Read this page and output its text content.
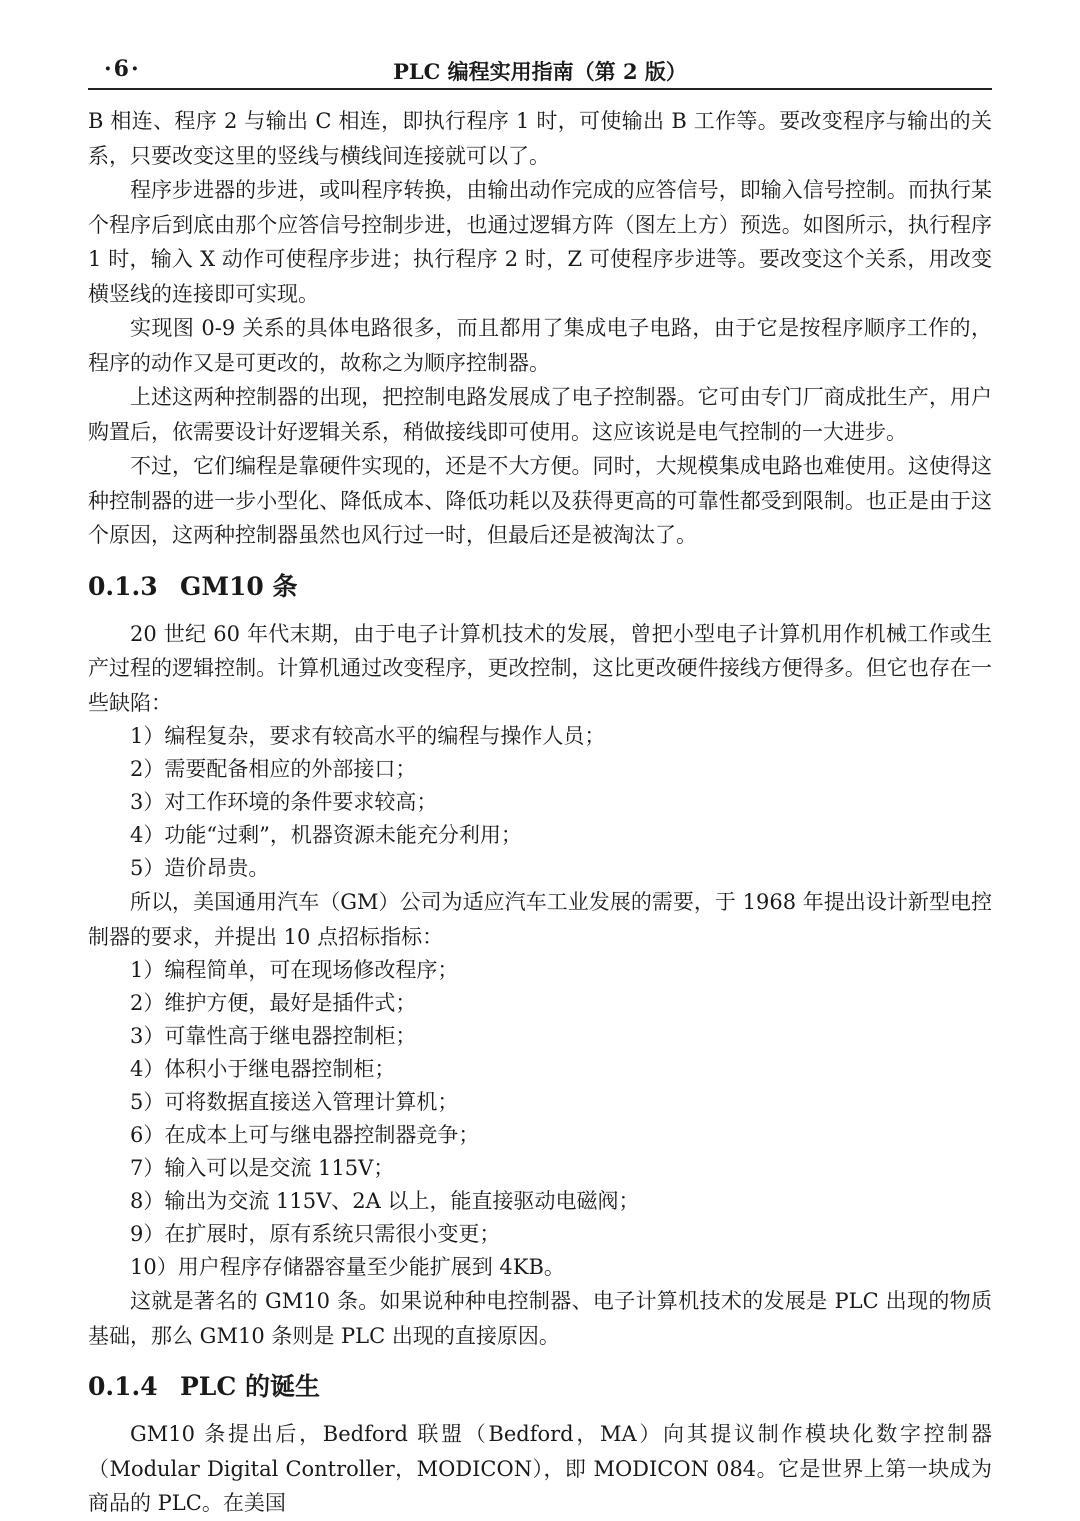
·6·	PLC 编程实用指南（第 2 版）

B 相连、程序 2 与输出 C 相连，即执行程序 1 时，可使输出 B 工作等。要改变程序与输出的关系，只要改变这里的竖线与横线间连接就可以了。

程序步进器的步进，或叫程序转换，由输出动作完成的应答信号，即输入信号控制。而执行某个程序后到底由那个应答信号控制步进，也通过逻辑方阵（图左上方）预选。如图所示，执行程序 1 时，输入 X 动作可使程序步进；执行程序 2 时，Z 可使程序步进等。要改变这个关系，用改变横竖线的连接即可实现。

实现图 0-9 关系的具体电路很多，而且都用了集成电子电路，由于它是按程序顺序工作的，程序的动作又是可更改的，故称之为顺序控制器。

上述这两种控制器的出现，把控制电路发展成了电子控制器。它可由专门厂商成批生产，用户购置后，依需要设计好逻辑关系，稍做接线即可使用。这应该说是电气控制的一大进步。

不过，它们编程是靠硬件实现的，还是不大方便。同时，大规模集成电路也难使用。这使得这种控制器的进一步小型化、降低成本、降低功耗以及获得更高的可靠性都受到限制。也正是由于这个原因，这两种控制器虽然也风行过一时，但最后还是被淘汰了。

0.1.3 GM10 条

20 世纪 60 年代末期，由于电子计算机技术的发展，曾把小型电子计算机用作机械工作或生产过程的逻辑控制。计算机通过改变程序，更改控制，这比更改硬件接线方便得多。但它也存在一些缺陷：

1）编程复杂，要求有较高水平的编程与操作人员；
2）需要配备相应的外部接口；
3）对工作环境的条件要求较高；
4）功能“过剩”，机器资源未能充分利用；
5）造价昂贵。

所以，美国通用汽车（GM）公司为适应汽车工业发展的需要，于 1968 年提出设计新型电控制器的要求，并提出 10 点招标指标：

1）编程简单，可在现场修改程序；
2）维护方便，最好是插件式；
3）可靠性高于继电器控制柜；
4）体积小于继电器控制柜；
5）可将数据直接送入管理计算机；
6）在成本上可与继电器控制器竞争；
7）输入可以是交流 115V；
8）输出为交流 115V、2A 以上，能直接驱动电磁阀；
9）在扩展时，原有系统只需很小变更；
10）用户程序存储器容量至少能扩展到 4KB。

这就是著名的 GM10 条。如果说种种电控制器、电子计算机技术的发展是 PLC 出现的物质基础，那么 GM10 条则是 PLC 出现的直接原因。

0.1.4 PLC 的诞生

GM10 条提出后，Bedford 联盟（Bedford，MA）向其提议制作模块化数字控制器（Modular Digital Controller，MODICON），即 MODICON 084。它是世界上第一块成为商品的 PLC。在美国
